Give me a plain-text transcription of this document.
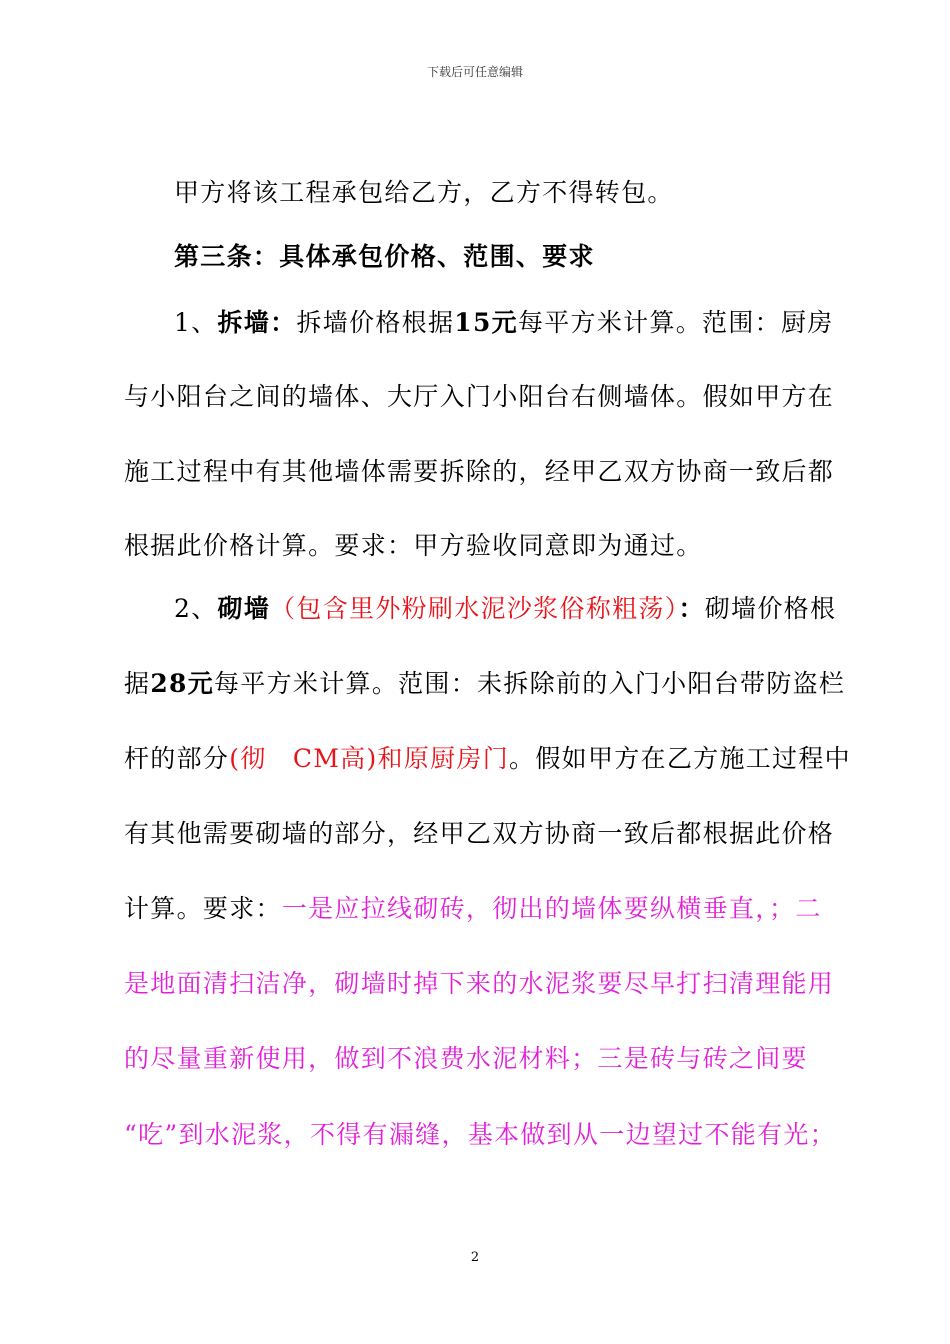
下载后可任意编辑
甲方将该工程承包给乙方，乙方不得转包。
第三条：具体承包价格、范围、要求
1、拆墙：拆墙价格根据15元每平方米计算。范围：厨房
与小阳台之间的墙体、大厅入门小阳台右侧墙体。假如甲方在
施工过程中有其他墙体需要拆除的，经甲乙双方协商一致后都
根据此价格计算。要求：甲方验收同意即为通过。
2、砌墙（包含里外粉刷水泥沙浆俗称粗荡）：砌墙价格根
据28元每平方米计算。范围：未拆除前的入门小阳台带防盗栏
杆的部分(彻　CM高)和原厨房门。假如甲方在乙方施工过程中
有其他需要砌墙的部分，经甲乙双方协商一致后都根据此价格
计算。要求：一是应拉线砌砖，彻出的墙体要纵横垂直，；二
是地面清扫洁净，砌墙时掉下来的水泥浆要尽早打扫清理能用
的尽量重新使用，做到不浪费水泥材料；三是砖与砖之间要
“吃”到水泥浆，不得有漏缝，基本做到从一边望过不能有光；
2
